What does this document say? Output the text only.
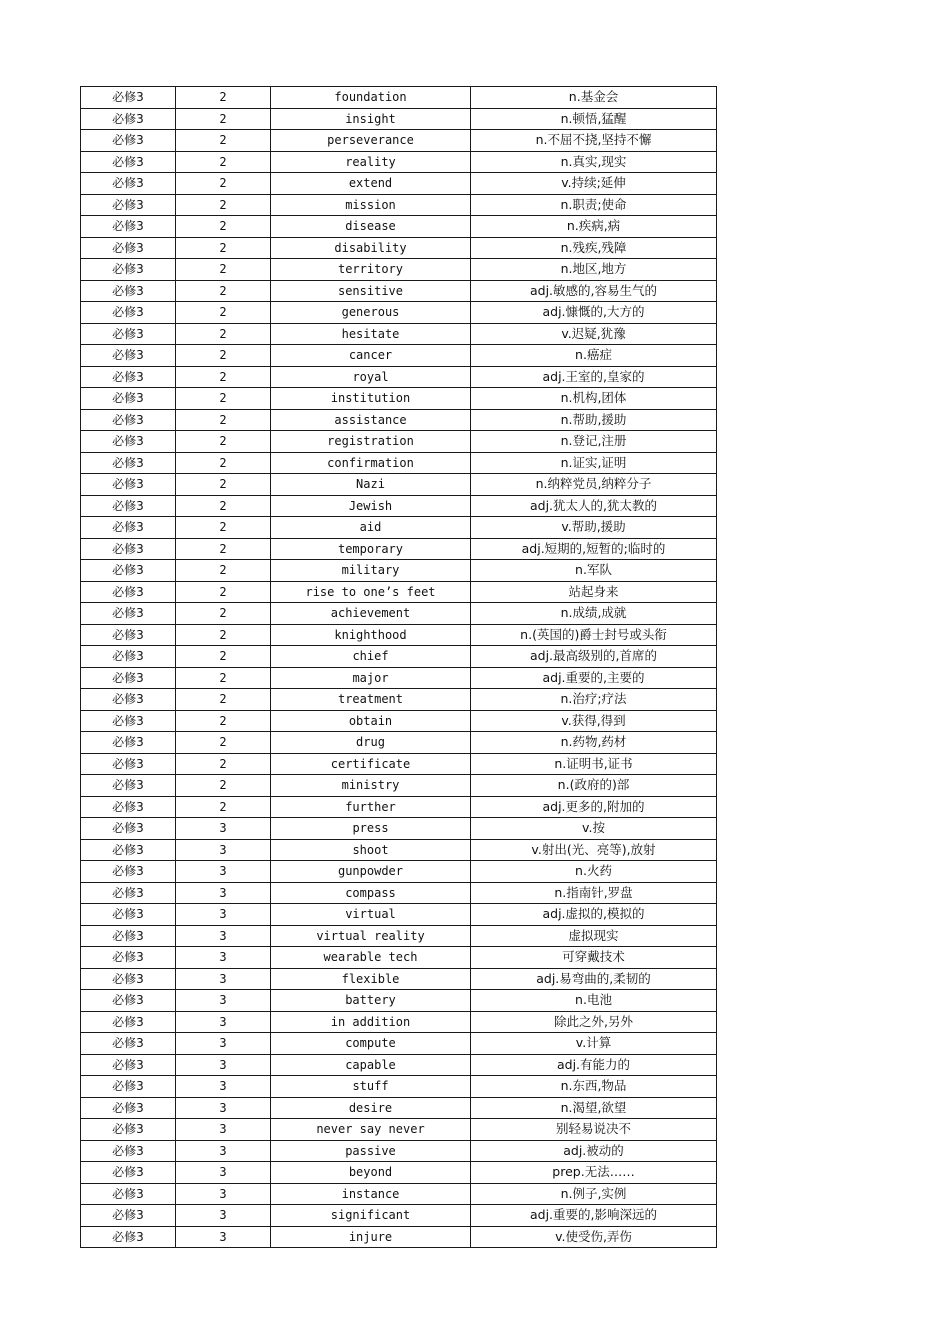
必修3	2	foundation	n.基金会
必修3	2	insight	n.顿悟,猛醒
必修3	2	perseverance	n.不屈不挠,坚持不懈
必修3	2	reality	n.真实,现实
必修3	2	extend	v.持续;延伸
必修3	2	mission	n.职责;使命
必修3	2	disease	n.疾病,病
必修3	2	disability	n.残疾,残障
必修3	2	territory	n.地区,地方
必修3	2	sensitive	adj.敏感的,容易生气的
必修3	2	generous	adj.慷慨的,大方的
必修3	2	hesitate	v.迟疑,犹豫
必修3	2	cancer	n.癌症
必修3	2	royal	adj.王室的,皇家的
必修3	2	institution	n.机构,团体
必修3	2	assistance	n.帮助,援助
必修3	2	registration	n.登记,注册
必修3	2	confirmation	n.证实,证明
必修3	2	Nazi	n.纳粹党员,纳粹分子
必修3	2	Jewish	adj.犹太人的,犹太教的
必修3	2	aid	v.帮助,援助
必修3	2	temporary	adj.短期的,短暂的;临时的
必修3	2	military	n.军队
必修3	2	rise to one’s feet	站起身来
必修3	2	achievement	n.成绩,成就
必修3	2	knighthood	n.(英国的)爵士封号或头衔
必修3	2	chief	adj.最高级别的,首席的
必修3	2	major	adj.重要的,主要的
必修3	2	treatment	n.治疗;疗法
必修3	2	obtain	v.获得,得到
必修3	2	drug	n.药物,药材
必修3	2	certificate	n.证明书,证书
必修3	2	ministry	n.(政府的)部
必修3	2	further	adj.更多的,附加的
必修3	3	press	v.按
必修3	3	shoot	v.射出(光、亮等),放射
必修3	3	gunpowder	n.火药
必修3	3	compass	n.指南针,罗盘
必修3	3	virtual	adj.虚拟的,模拟的
必修3	3	virtual reality	虚拟现实
必修3	3	wearable tech	可穿戴技术
必修3	3	flexible	adj.易弯曲的,柔韧的
必修3	3	battery	n.电池
必修3	3	in addition	除此之外,另外
必修3	3	compute	v.计算
必修3	3	capable	adj.有能力的
必修3	3	stuff	n.东西,物品
必修3	3	desire	n.渴望,欲望
必修3	3	never say never	别轻易说决不
必修3	3	passive	adj.被动的
必修3	3	beyond	prep.无法……
必修3	3	instance	n.例子,实例
必修3	3	significant	adj.重要的,影响深远的
必修3	3	injure	v.使受伤,弄伤
